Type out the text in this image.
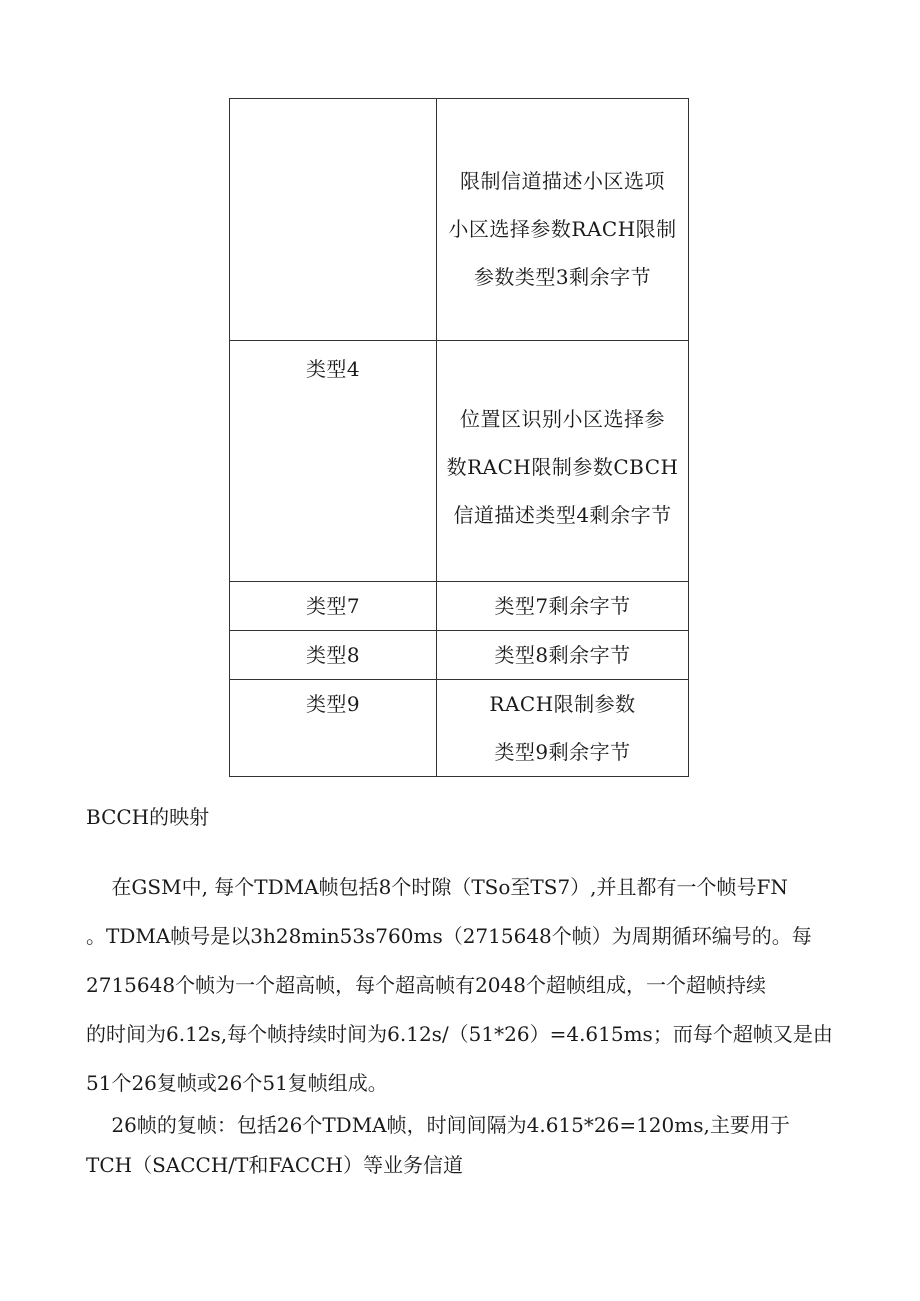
	限制信道描述小区选项
小区选择参数RACH限制
参数类型3剩余字节

类型4	位置区识别小区选择参
数RACH限制参数CBCH
信道描述类型4剩余字节

类型7	类型7剩余字节

类型8	类型8剩余字节

类型9	RACH限制参数
类型9剩余字节
BCCH的映射
在GSM中, 每个TDMA帧包括8个时隙（TSo至TS7）,并且都有一个帧号FN
。TDMA帧号是以3h28min53s760ms（2715648个帧）为周期循环编号的。每
2715648个帧为一个超高帧，每个超高帧有2048个超帧组成，一个超帧持续
的时间为6.12s,每个帧持续时间为6.12s∕（51*26）=4.615ms；而每个超帧又是由
51个26复帧或26个51复帧组成。
26帧的复帧：包括26个TDMA帧，时间间隔为4.615*26=120ms,主要用于
TCH（SACCH/T和FACCH）等业务信道
